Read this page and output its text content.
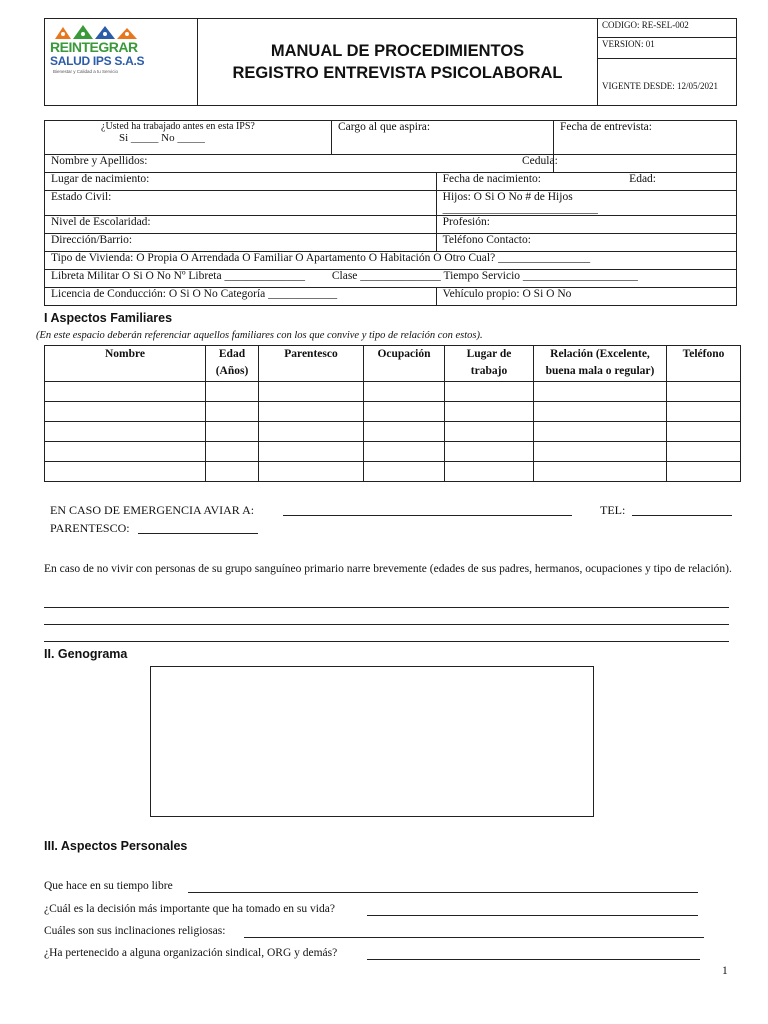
REINTEGRAR
SALUD IPS S.A.S
Bienestar y Calidad a tu Servicio

MANUAL DE PROCEDIMIENTOS
REGISTRO ENTREVISTA PSICOLABORAL
	CODIGO: RE-SEL-002
VERSION: 01
VIGENTE DESDE: 12/05/2021
¿Usted ha trabajado antes en esta IPS?
Si _____ No _____	Cargo al que aspira:		Fecha de entrevista:
Nombre y Apellidos:			Cedula:

Lugar de nacimiento:		Fecha de nacimiento: Edad:	

Estado Civil:		Hijos: O Si O No # de Hijos ___________________________	
Nivel de Escolaridad:		Profesión:	
Dirección/Barrio:		Teléfono Contacto:	
Tipo de Vivienda: O Propia O Arrendada O Familiar O Apartamento O Habitación O Otro Cual? ________________			
Libreta Militar O Si O No Nº Libreta ______________ Clase ______________ Tiempo Servicio ____________________			
Licencia de Conducción: O Si O No Categoría ____________		Vehículo propio: O Si O No	
I Aspectos Familiares
(En este espacio deberán referenciar aquellos familiares con los que convive y tipo de relación con estos).
Nombre	Edad (Años)	Parentesco	Ocupación	Lugar de trabajo	Relación (Excelente, buena mala o regular)	Teléfono

EN CASO DE EMERGENCIA AVIAR A:	TEL:
PARENTESCO:
En caso de no vivir con personas de su grupo sanguíneo primario narre brevemente (edades de sus padres, hermanos, ocupaciones y tipo de relación).
II. Genograma
III. Aspectos Personales
Que hace en su tiempo libre
¿Cuál es la decisión más importante que ha tomado en su vida?
Cuáles son sus inclinaciones religiosas:
¿Ha pertenecido a alguna organización sindical, ORG y demás?
1
